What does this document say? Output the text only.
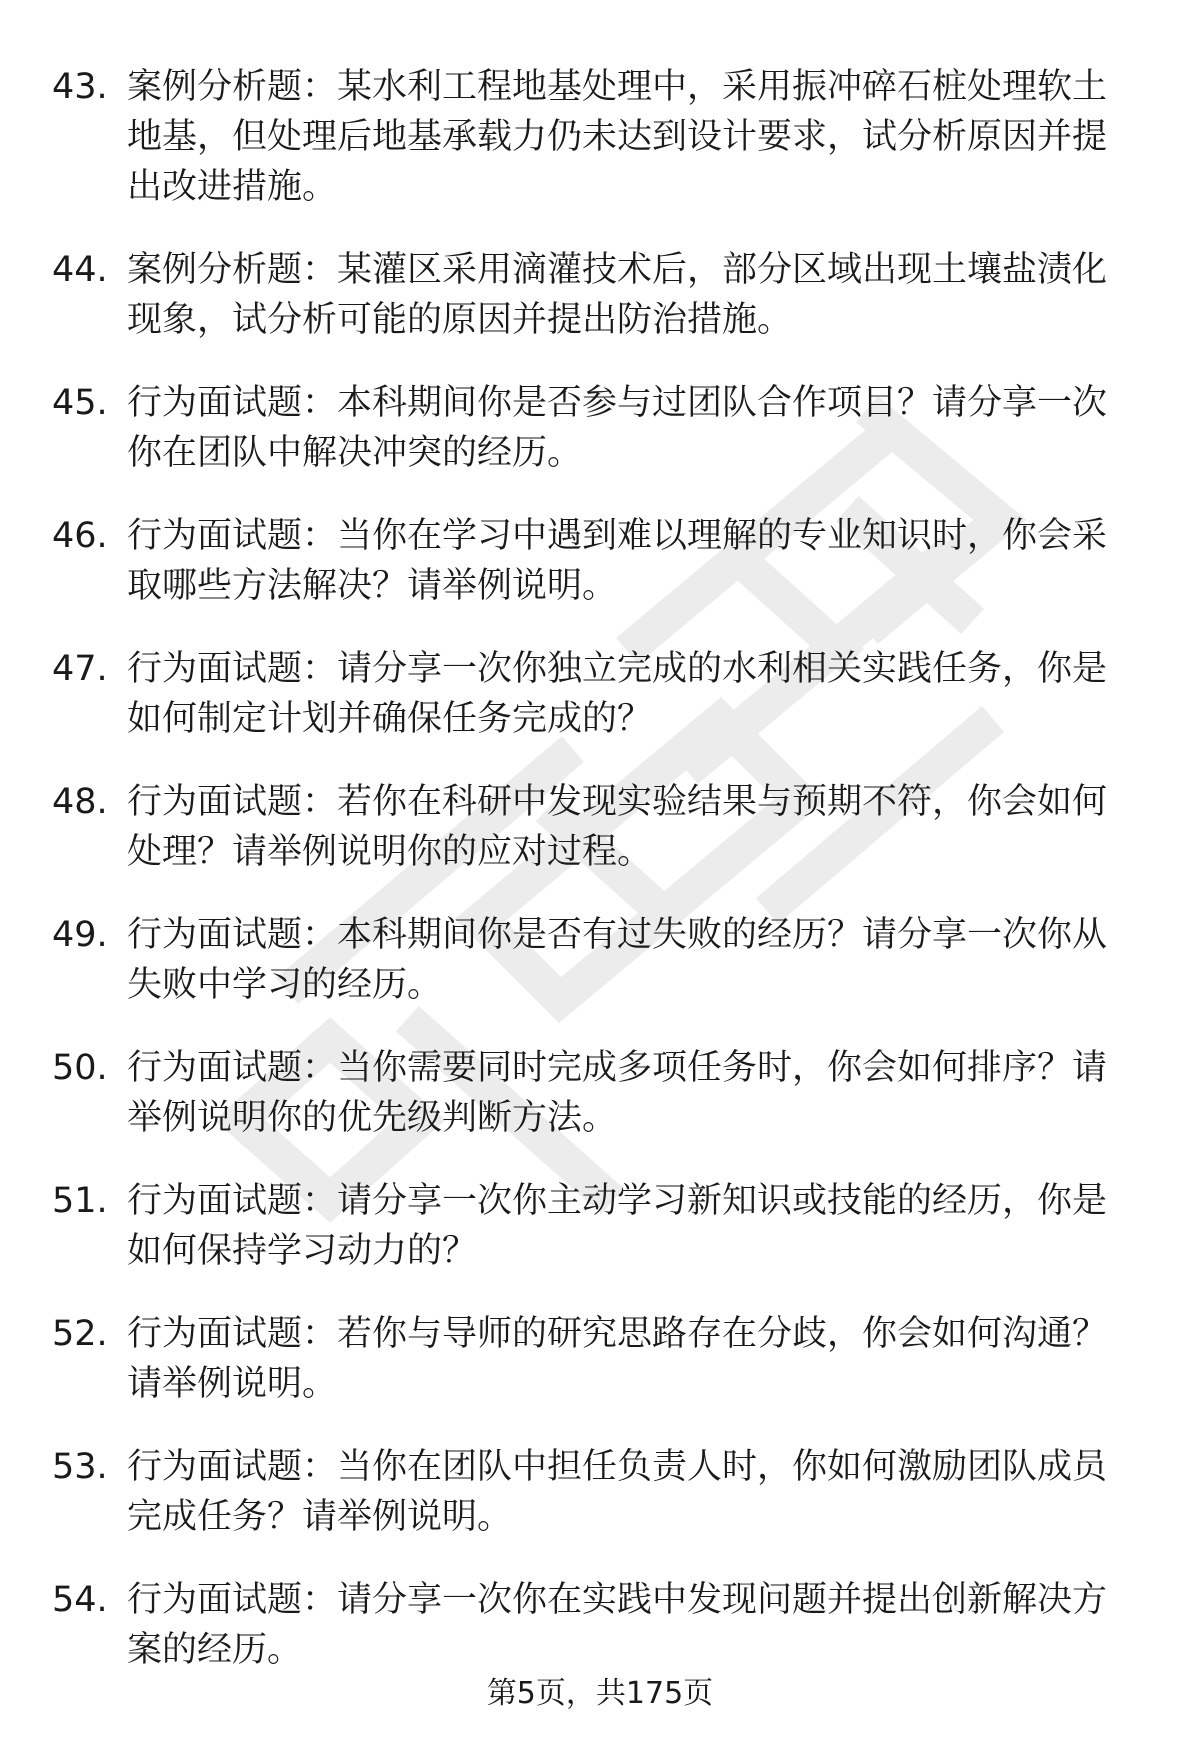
43. 案例分析题：某水利工程地基处理中，采用振冲碎石桩处理软土地基，但处理后地基承载力仍未达到设计要求，试分析原因并提出改进措施。
44. 案例分析题：某灌区采用滴灌技术后，部分区域出现土壤盐渍化现象，试分析可能的原因并提出防治措施。
45. 行为面试题：本科期间你是否参与过团队合作项目？请分享一次你在团队中解决冲突的经历。
46. 行为面试题：当你在学习中遇到难以理解的专业知识时，你会采取哪些方法解决？请举例说明。
47. 行为面试题：请分享一次你独立完成的水利相关实践任务，你是如何制定计划并确保任务完成的？
48. 行为面试题：若你在科研中发现实验结果与预期不符，你会如何处理？请举例说明你的应对过程。
49. 行为面试题：本科期间你是否有过失败的经历？请分享一次你从失败中学习的经历。
50. 行为面试题：当你需要同时完成多项任务时，你会如何排序？请举例说明你的优先级判断方法。
51. 行为面试题：请分享一次你主动学习新知识或技能的经历，你是如何保持学习动力的？
52. 行为面试题：若你与导师的研究思路存在分歧，你会如何沟通？请举例说明。
53. 行为面试题：当你在团队中担任负责人时，你如何激励团队成员完成任务？请举例说明。
54. 行为面试题：请分享一次你在实践中发现问题并提出创新解决方案的经历。
第5页，共175页
